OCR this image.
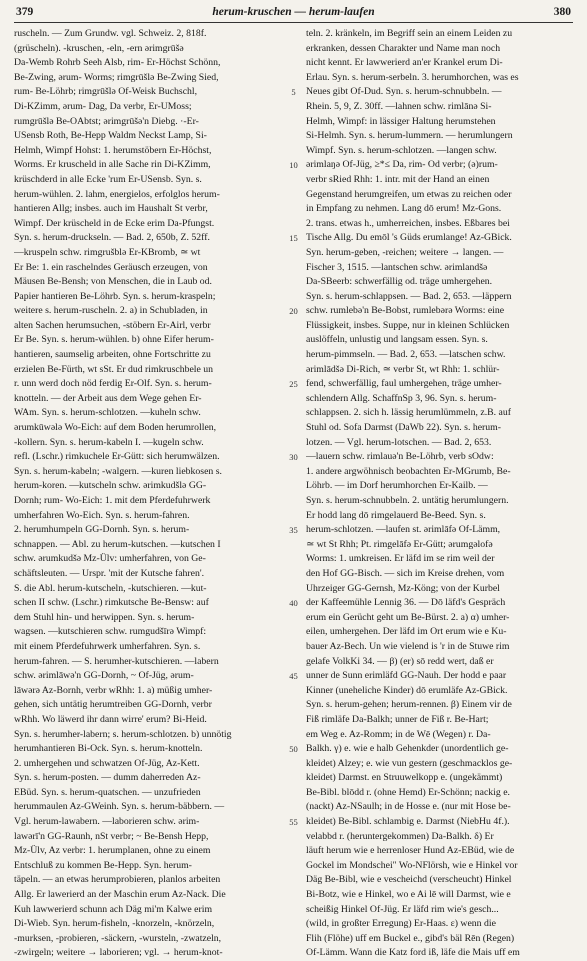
379	herum-kruschen — herum-laufen	380
ruscheln. — Zum Grundw. vgl. Schweiz. 2, 818f.
(grüscheln). -kruschen, -eln, -ern ərimgrūšə
Da-Wemb Rohrb Seeh Alsb, rim- Er-Höchst Schönn,
Be-Zwing, ərum- Worms; rimgrūšlə Be-Zwing Sied,
rum- Be-Löhrb; rimgrūšlə Of-Weisk Buchschl,
Di-KZimm, ərum- Dag, Da verbr, Er-UMoss;
rumgrūšlə Be-OAbtst; ərimgrūšə'n Diebg. ·-Er-
USensb Roth, Be-Hepp Waldm Neckst Lamp, Si-
Helmh, Wimpf Hohst: 1. herumstöbern Er-Höchst,
Worms. Er kruscheld in alle Sache rin Di-KZimm,
krüschderd in alle Ecke 'rum Er-USensb. Syn. s.
herum-wühlen. 2. lahm, energielos, erfolglos herum-
hantieren Allg; insbes. auch im Haushalt St verbr,
Wimpf. Der krüscheld in de Ecke erim Da-Pfungst.
Syn. s. herum-druckseln. — Bad. 2, 650b, Z. 52ff.
—kruspeln schw. rimgrušblə Er-KBromb, ≃ wt
Er Be: 1. ein raschelndes Geräusch erzeugen, von
Mäusen Be-Bensh; von Menschen, die in Laub od.
Papier hantieren Be-Löhrb. Syn. s. herum-kraspeln;
weitere s. herum-ruscheln. 2. a) in Schubladen, in
alten Sachen herumsuchen, -stöbern Er-Airl, verbr
Er Be. Syn. s. herum-wühlen. b) ohne Eifer herum-
hantieren, saumselig arbeiten, ohne Fortschritte zu
erzielen Be-Fürth, wt sSt. Er dud rimkruschbele un
r. unn werd doch nöd ferdig Er-Olf. Syn. s. herum-
knotteln. — der Arbeit aus dem Wege gehen Er-
WAm. Syn. s. herum-schlotzen. —kuheln schw.
ərumkūwələ Wo-Eich: auf dem Boden herumrollen,
-kollern. Syn. s. herum-kabeln I. —kugeln schw.
refl. (Lschr.) rimkuchele Er-Gütt: sich herumwälzen.
Syn. s. herum-kabeln; -walgern. —kuren liebkosen s.
herum-koren. —kutscheln schw. ərimkudšlə GG-
Dornh; rum- Wo-Eich: 1. mit dem Pferdefuhrwerk
umherfahren Wo-Eich. Syn. s. herum-fahren.
2. herumhumpeln GG-Dornh. Syn. s. herum-
schnappen. — Abl. zu herum-kutschen. —kutschen I
schw. ərumkudšə Mz-Ülv: umherfahren, von Ge-
schäftsleuten. — Urspr. 'mit der Kutsche fahren'.
S. die Abl. herum-kutscheln, -kutschieren. —kut-
schen II schw. (Lschr.) rimkutsche Be-Bensw: auf
dem Stuhl hin- und herwippen. Syn. s. herum-
wagsen. —kutschieren schw. rumgudšīrə Wimpf:
mit einem Pferdefuhrwerk umherfahren. Syn. s.
herum-fahren. — S. herumher-kutschieren. —labern
schw. ərimlāwə'n GG-Dornh, ~ Of-Jüg, ərum-
lāwərə Az-Bornh, verbr wRhh: 1. a) müßig umher-
gehen, sich untätig herumtreiben GG-Dornh, verbr
wRhh. Wo läwerd ihr dann wirre' erum? Bi-Heid.
Syn. s. herumher-labern; s. herum-schlotzen. b) unnötig
herumhantieren Bi-Ock. Syn. s. herum-knotteln.
2. umhergehen und schwatzen Of-Jüg, Az-Kett.
Syn. s. herum-posten. — dumm daherreden Az-
EBüd. Syn. s. herum-quatschen. — unzufrieden
herummaulen Az-GWeinh. Syn. s. herum-bäbbern. —
Vgl. herum-lawabern. —laborieren schw. ərim-
lawərī'n GG-Raunh, nSt verbr; ~ Be-Bensh Hepp,
Mz-Ülv, Az verbr: 1. herumplanen, ohne zu einem
Entschluß zu kommen Be-Hepp. Syn. herum-
täpeln. — an etwas herumprobieren, planlos arbeiten
Allg. Er lawerierd an der Maschin erum Az-Nack. Die
Kuh lawwerierd schunn ach Däg mi'm Kalwe erim
Di-Wieb. Syn. herum-fisheln, -knorzeln, -knörzeln,
-murksen, -probieren, -säckern, -wursteln, -zwatzeln,
-zwirgeln; weitere → laborieren; vgl. → herum-knot-
5
10
15
20
25
30
35
40
45
50
55
teln. 2. kränkeln, im Begriff sein an einem Leiden zu
erkranken, dessen Charakter und Name man noch
nicht kennt. Er lawwerierd an'er Krankel erum Di-
Erlau. Syn. s. herum-serbeln. 3. herumhorchen, was es
Neues gibt Of-Dud. Syn. s. herum-schnubbeln. —
Rhein. 5, 9, Z. 30ff. —lahnen schw. rimlānə Si-
Helmh, Wimpf: in lässiger Haltung herumstehen
Si-Helmh. Syn. s. herum-lummern. — herumlungern
Wimpf. Syn. s. herum-schlotzen. —langen schw.
ərimlaŋə Of-Jüg, ≥*≤ Da, rim- Od verbr; (ə)rum-
verbr sRied Rhh: 1. intr. mit der Hand an einen
Gegenstand herumgreifen, um etwas zu reichen oder
in Empfang zu nehmen. Lang dō erum! Mz-Gons.
2. trans. etwas h., umherreichen, insbes. Eßbares bei
Tische Allg. Du emōl 's Güds erumlange! Az-GBick.
Syn. herum-geben, -reichen; weitere → langen. —
Fischer 3, 1515. —lantschen schw. ərimlandšə
Da-SBeerb: schwerfällig od. träge umhergehen.
Syn. s. herum-schlappsen. — Bad. 2, 653. —läppern
schw. rumlebə'n Be-Bobst, rumlebərə Worms: eine
Flüssigkeit, insbes. Suppe, nur in kleinen Schlücken
auslöffeln, unlustig und langsam essen. Syn. s.
herum-pimmseln. — Bad. 2, 653. —latschen schw.
ərimlādšə Di-Rich, ≃ verbr St, wt Rhh: 1. schlür-
fend, schwerfällig, faul umhergehen, träge umher-
schlendern Allg. SchaffnSp 3, 96. Syn. s. herum-
schlappsen. 2. sich h. lässig herumlümmeln, z.B. auf
Stuhl od. Sofa Darmst (DaWb 22). Syn. s. herum-
lotzen. — Vgl. herum-lotschen. — Bad. 2, 653.
—lauern schw. rimlauə'n Be-Löhrb, verb sOdw:
1. andere argwöhnisch beobachten Er-MGrumb, Be-
Löhrb. — im Dorf herumhorchen Er-Kailb. —
Syn. s. herum-schnubbeln. 2. untätig herumlungern.
Er hodd lang dō rimgelauerd Be-Beed. Syn. s.
herum-schlotzen. —laufen st. ərimlāfə Of-Lämm,
≃ wt St Rhh; Pt. rimgelāfə Er-Gütt; ərumgəlofə
Worms: 1. umkreisen. Er läfd im se rim weil der
den Hof GG-Bisch. — sich im Kreise drehen, vom
Uhrzeiger GG-Gernsh, Mz-Köng; von der Kurbel
der Kaffeemühle Lennig 36. — Dō läfd's Gespräch
erum ein Gerücht geht um Be-Bürst. 2. a) α) umher-
eilen, umhergehen. Der läfd im Ort erum wie e Ku-
bauer Az-Bech. Un wie vielend is 'r in de Stuwe rim
gelafe VolkKi 34. — β) (er) sō redd wert, daß er
unner de Sunn erimläfd GG-Nauh. Der hodd e paar
Kinner (uneheliche Kinder) dō erumläfe Az-GBick.
Syn. s. herum-gehen; herum-rennen. β) Einem vir de
Fiß rimläfe Da-Balkh; unner de Fiß r. Be-Hart;
em Weg e. Az-Romm; in de Wē (Wegen) r. Da-
Balkh. γ) e. wie e halb Gehenkder (unordentlich ge-
kleidet) Alzey; e. wie vun gestern (geschmacklos ge-
kleidet) Darmst. en Struuwelkopp e. (ungekämmt)
Be-Bibl. blōdd r. (ohne Hemd) Er-Schönn; nackig e.
(nackt) Az-NSaulh; in de Hosse e. (nur mit Hose be-
kleidet) Be-Bibl. schlambig e. Darmst (NiebHu 4f.).
velabbd r. (heruntergekommen) Da-Balkh. δ) Er
läuft herum wie e herrenloser Hund Az-EBüd, wie de
Gockel im Mondschei" Wo-NFlörsh, wie e Hinkel vor
Däg Be-Bibl, wie e vescheichd (verscheucht) Hinkel
Bi-Botz, wie e Hinkel, wo e Ai lē will Darmst, wie e
scheißig Hinkel Of-Jüg. Er läfd rim wie's gesch...
(wild, in großter Erregung) Er-Haas. ε) wenn die
Flih (Flöhe) uff em Buckel e., gibd's bäl Rēn (Regen)
Of-Lämm. Wann die Katz ford iß, läfe die Mais uff em
